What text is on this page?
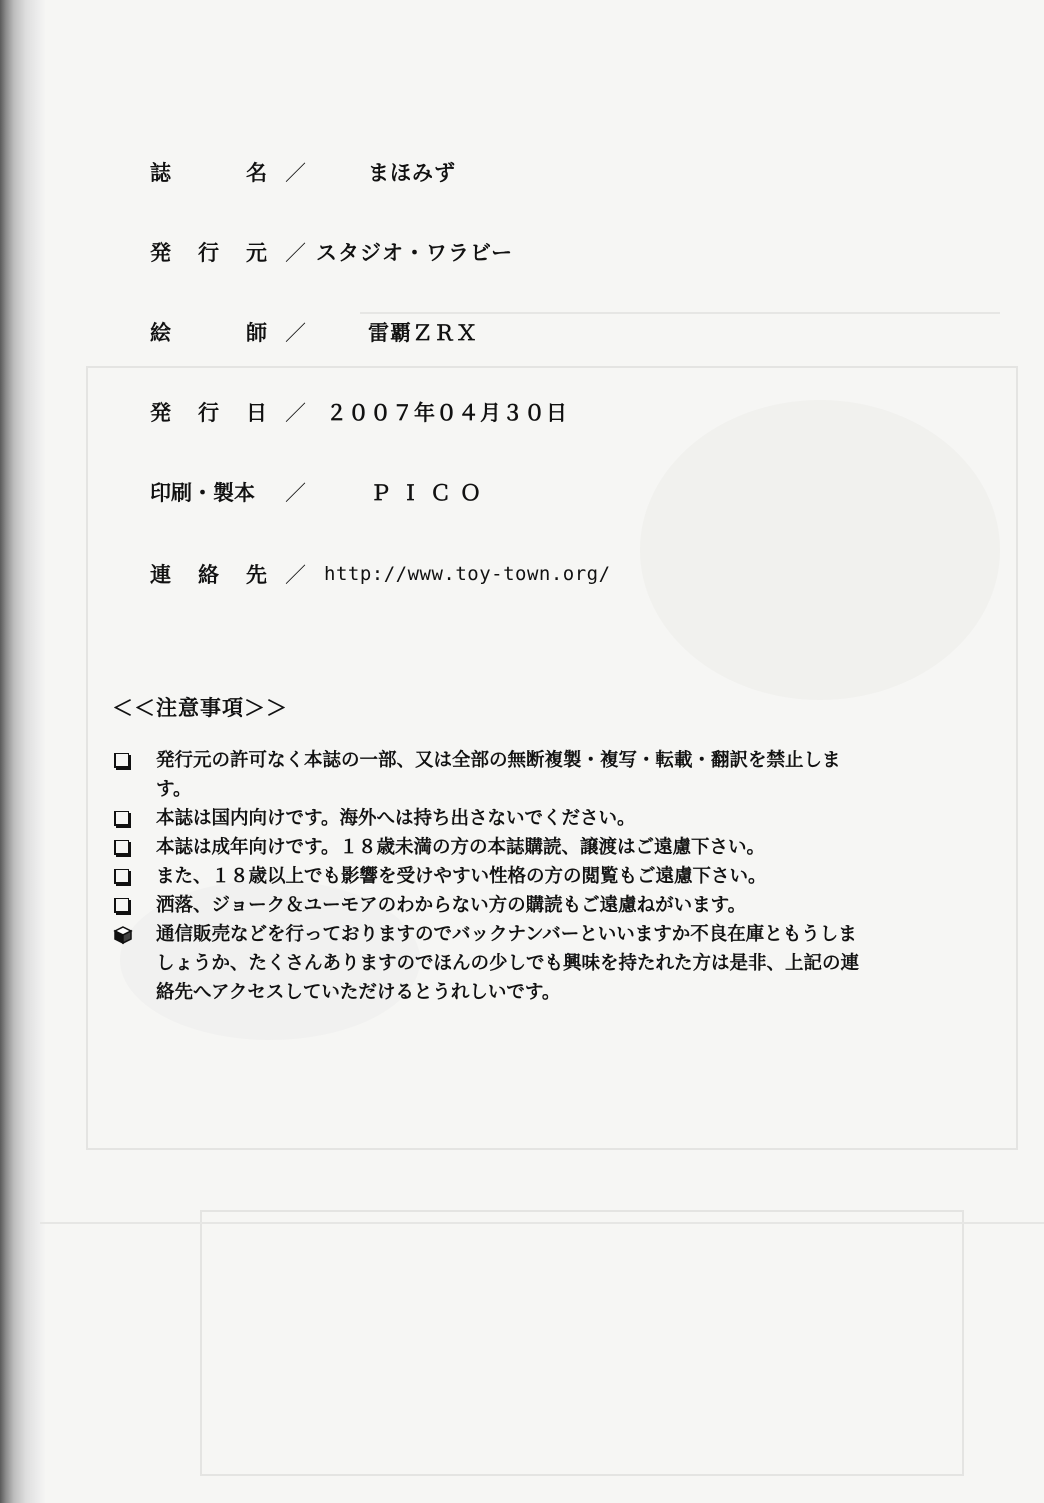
誌	名 ／	まほみず
発 行 元 ／ スタジオ・ワラビー
絵	師 ／	雷覇ＺＲＸ
発 行 日 ／ ２００７年０４月３０日
印刷・製本 ／	ＰＩＣＯ
連 絡 先 ／ http://www.toy-town.org/
＜＜注意事項＞＞
発行元の許可なく本誌の一部、又は全部の無断複製・複写・転載・翻訳を禁止します。
本誌は国内向けです。海外へは持ち出さないでください。
本誌は成年向けです。１８歳未満の方の本誌購読、譲渡はご遠慮下さい。
また、１８歳以上でも影響を受けやすい性格の方の閲覧もご遠慮下さい。
洒落、ジョーク＆ユーモアのわからない方の購読もご遠慮ねがいます。
通信販売などを行っておりますのでバックナンバーといいますか不良在庫ともうしましょうか、たくさんありますのでほんの少しでも興味を持たれた方は是非、上記の連絡先へアクセスしていただけるとうれしいです。
